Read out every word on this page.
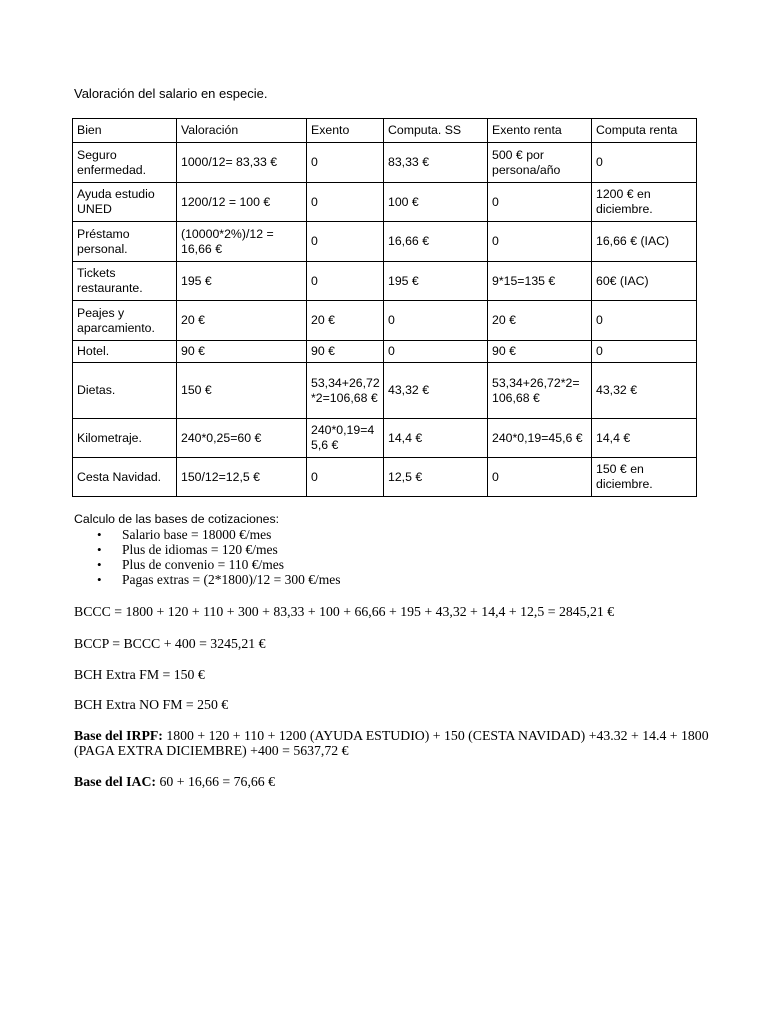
Valoración del salario en especie.
Bien	Valoración	Exento	Computa. SS	Exento renta	Computa renta
Seguro enfermedad.	1000/12= 83,33 €	0	83,33 €	500 € por persona/año	0
Ayuda estudio UNED	1200/12 = 100 €	0	100 €	0	1200 € en diciembre.
Préstamo personal.	(10000*2%)/12 = 16,66 €	0	16,66 €	0	16,66 € (IAC)
Tickets restaurante.	195 €	0	195 €	9*15=135 €	60€ (IAC)
Peajes y aparcamiento.	20 €	20 €	0	20 €	0
Hotel.	90 €	90 €	0	90 €	0
Dietas.	150 €	53,34+26,72*2=106,68 €	43,32 €	53,34+26,72*2= 106,68 €	43,32 €
Kilometraje.	240*0,25=60 €	240*0,19=45,6 €	14,4 €	240*0,19=45,6 €	14,4 €
Cesta Navidad.	150/12=12,5 €	0	12,5 €	0	150 € en diciembre.
Calculo de las bases de cotizaciones:
• Salario base = 18000 €/mes
• Plus de idiomas = 120 €/mes
• Plus de convenio = 110 €/mes
• Pagas extras = (2*1800)/12 = 300 €/mes
BCCC = 1800 + 120 + 110 + 300 + 83,33 + 100 + 66,66 + 195 + 43,32 + 14,4 + 12,5 = 2845,21 €
BCCP = BCCC + 400 = 3245,21 €
BCH Extra FM = 150 €
BCH Extra NO FM = 250 €
Base del IRPF: 1800 + 120 + 110 + 1200 (AYUDA ESTUDIO) + 150 (CESTA NAVIDAD) +43.32 + 14.4 + 1800 (PAGA EXTRA DICIEMBRE) +400 = 5637,72 €
Base del IAC: 60 + 16,66 = 76,66 €
